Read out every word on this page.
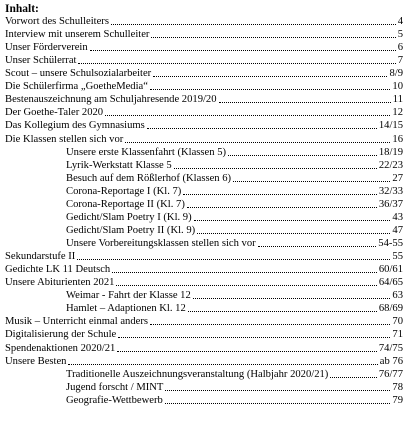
Inhalt:
Vorwort des Schulleiters	4
Interview mit unserem Schulleiter	5
Unser Förderverein	6
Unser Schülerrat	7
Scout – unsere Schulsozialarbeiter	8/9
Die Schülerfirma „GoetheMedia“	10
Bestenauszeichnung am Schuljahresende 2019/20	11
Der Goethe-Taler 2020	12
Das Kollegium des Gymnasiums	14/15
Die Klassen stellen sich vor	16
Unsere erste Klassenfahrt (Klassen 5)	18/19
Lyrik-Werkstatt Klasse 5	22/23
Besuch auf dem Rößlerhof (Klassen 6)	27
Corona-Reportage I (Kl. 7)	32/33
Corona-Reportage II (Kl. 7)	36/37
Gedicht/Slam Poetry I (Kl. 9)	43
Gedicht/Slam Poetry II (Kl. 9)	47
Unsere Vorbereitungsklassen stellen sich vor	54-55
Sekundarstufe II	55
Gedichte LK 11 Deutsch	60/61
Unsere Abiturienten 2021	64/65
Weimar - Fahrt der Klasse 12	63
Hamlet – Adaptionen Kl. 12	68/69
Musik – Unterricht einmal anders	70
Digitalisierung der Schule	71
Spendenaktionen 2020/21	74/75
Unsere Besten	ab 76
Traditionelle Auszeichnungsveranstaltung (Halbjahr 2020/21)	76/77
Jugend forscht / MINT	78
Geografie-Wettbewerb	79
